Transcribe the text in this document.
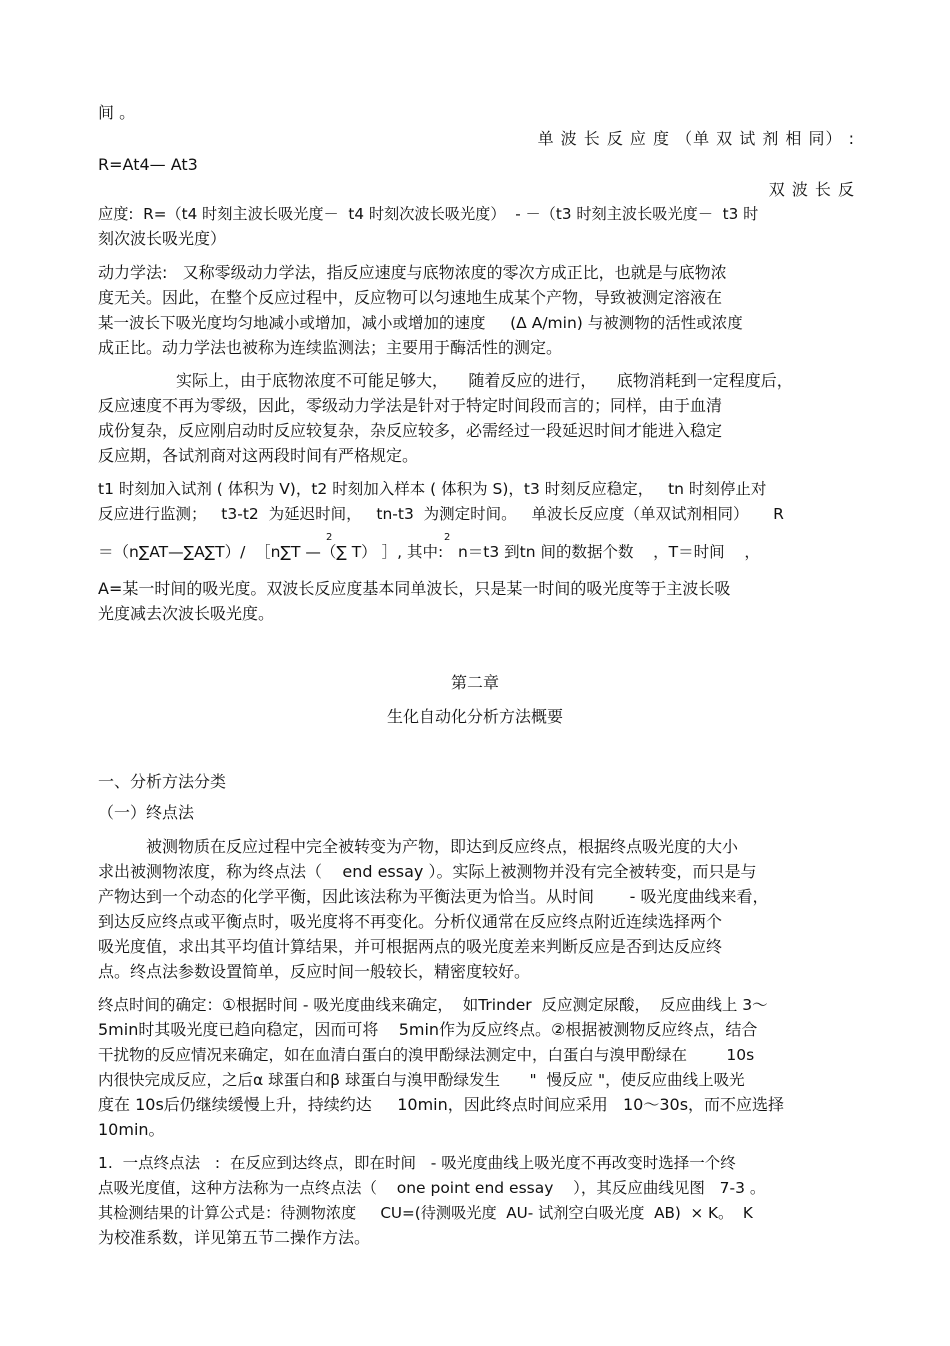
间 。
单 波 长 反 应 度 （单 双 试 剂 相 同） :
R=At4— At3
双 波 长 反
应度:  R=（t4 时刻主波长吸光度－  t4 时刻次波长吸光度）  - －（t3 时刻主波长吸光度－  t3 时
刻次波长吸光度）
动力学法:   又称零级动力学法，指反应速度与底物浓度的零次方成正比，也就是与底物浓
度无关。因此，在整个反应过程中，反应物可以匀速地生成某个产物，导致被测定溶液在
某一波长下吸光度均匀地减小或增加，减小或增加的速度     (Δ A/min) 与被测物的活性或浓度
成正比。动力学法也被称为连续监测法；主要用于酶活性的测定。
实际上，由于底物浓度不可能足够大，    随着反应的进行，    底物消耗到一定程度后，
反应速度不再为零级，因此，零级动力学法是针对于特定时间段而言的；同样，由于血清
成份复杂，反应刚启动时反应较复杂，杂反应较多，必需经过一段延迟时间才能进入稳定
反应期，各试剂商对这两段时间有严格规定。
t1 时刻加入试剂 ( 体积为 V)，t2 时刻加入样本 ( 体积为 S)，t3 时刻反应稳定，   tn 时刻停止对
反应进行监测；   t3-t2  为延迟时间，   tn-t3  为测定时间。   单波长反应度（单双试剂相同）     R
＝（n∑AT—∑A∑T）/  ［n∑T —（∑ T） ］, 其中:   n＝t3 到tn 间的数据个数    ，T＝时间    ，
2	2
A=某一时间的吸光度。双波长反应度基本同单波长，只是某一时间的吸光度等于主波长吸
光度减去次波长吸光度。
第二章
生化自动化分析方法概要
一、分析方法分类
（一）终点法
被测物质在反应过程中完全被转变为产物，即达到反应终点，根据终点吸光度的大小
求出被测物浓度，称为终点法（    end essay ）。实际上被测物并没有完全被转变，而只是与
产物达到一个动态的化学平衡，因此该法称为平衡法更为恰当。从时间       - 吸光度曲线来看，
到达反应终点或平衡点时，吸光度将不再变化。分析仪通常在反应终点附近连续选择两个
吸光度值，求出其平均值计算结果，并可根据两点的吸光度差来判断反应是否到达反应终
点。终点法参数设置简单，反应时间一般较长，精密度较好。
终点时间的确定：①根据时间 - 吸光度曲线来确定，  如Trinder  反应测定尿酸，  反应曲线上 3～
5min时其吸光度已趋向稳定，因而可将    5min作为反应终点。②根据被测物反应终点，结合
干扰物的反应情况来确定，如在血清白蛋白的溴甲酚绿法测定中，白蛋白与溴甲酚绿在        10s
内很快完成反应，之后α 球蛋白和β 球蛋白与溴甲酚绿发生      "  慢反应 "，使反应曲线上吸光
度在 10s后仍继续缓慢上升，持续约达     10min，因此终点时间应采用   10～30s，而不应选择
10min。
1.  一点终点法   :  在反应到达终点，即在时间   - 吸光度曲线上吸光度不再改变时选择一个终
点吸光度值，这种方法称为一点终点法（    one point end essay    ），其反应曲线见图   7-3 。
其检测结果的计算公式是：待测物浓度     CU=(待测吸光度  AU- 试剂空白吸光度  AB)  × K。  K
为校准系数，详见第五节二操作方法。
